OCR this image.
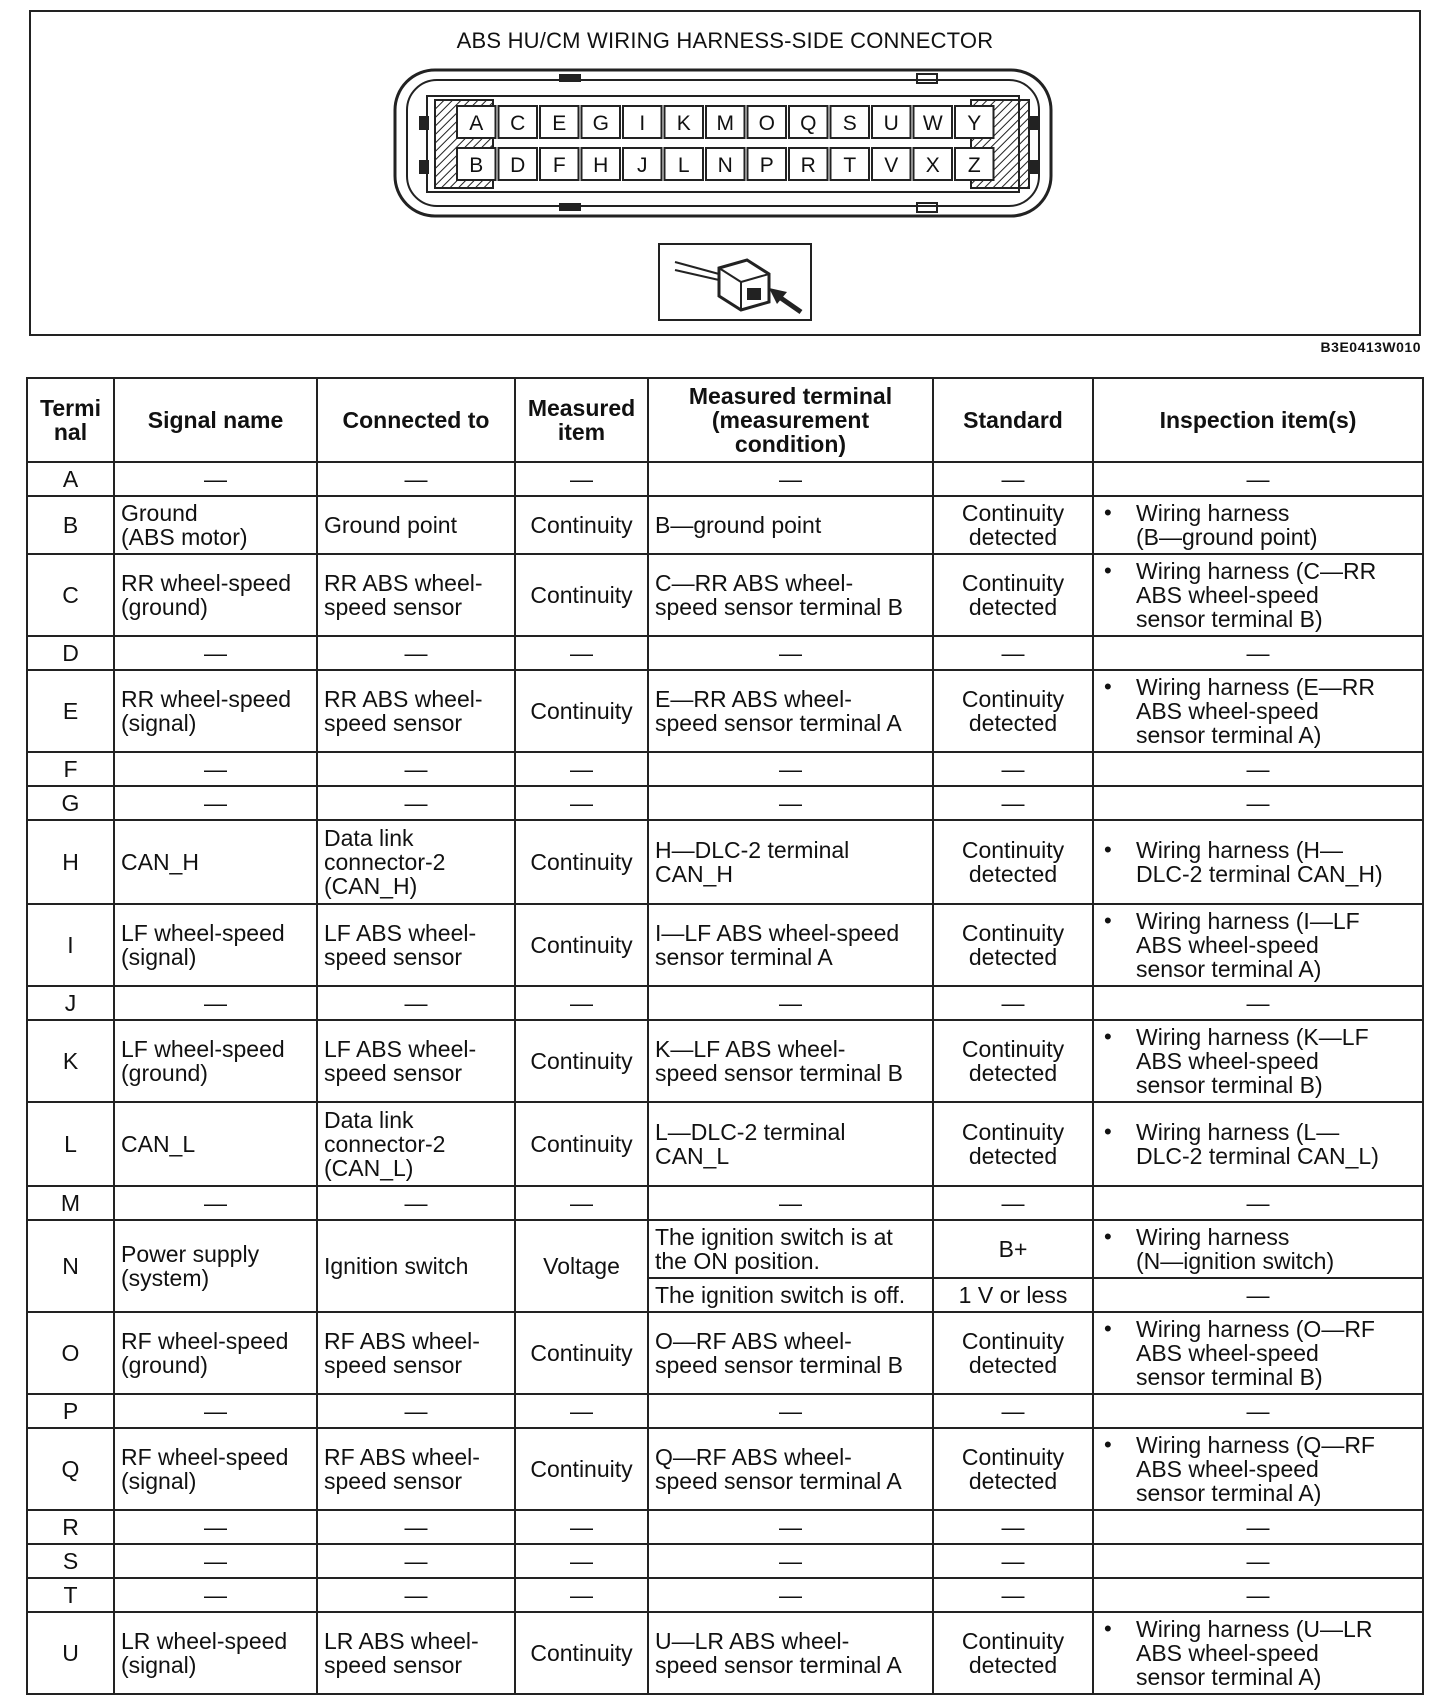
ABS HU/CM WIRING HARNESS-SIDE CONNECTOR
A C E G I K M O Q S U W Y
B D F H J L N P R T V X Z
B3E0413W010
Termi
nal	Signal name	Connected to	Measured
item	Measured terminal
(measurement
condition)	Standard	Inspection item(s)
A	—	—	—	—	—	—
B	Ground
(ABS motor)	Ground point	Continuity	B—ground point	Continuity
detected	• Wiring harness
(B—ground point)

C	RR wheel-speed
(ground)	RR ABS wheel-
speed sensor	Continuity	C—RR ABS wheel-
speed sensor terminal B	Continuity
detected	• Wiring harness (C—RR
ABS wheel-speed
sensor terminal B)

D	—	—	—	—	—	—
E	RR wheel-speed
(signal)	RR ABS wheel-
speed sensor	Continuity	E—RR ABS wheel-
speed sensor terminal A	Continuity
detected	• Wiring harness (E—RR
ABS wheel-speed
sensor terminal A)

F	—	—	—	—	—	—
G	—	—	—	—	—	—
H	CAN_H	Data link
connector-2
(CAN_H)	Continuity	H—DLC-2 terminal
CAN_H	Continuity
detected	• Wiring harness (H—
DLC-2 terminal CAN_H)

I	LF wheel-speed
(signal)	LF ABS wheel-
speed sensor	Continuity	I—LF ABS wheel-speed
sensor terminal A	Continuity
detected	• Wiring harness (I—LF
ABS wheel-speed
sensor terminal A)

J	—	—	—	—	—	—
K	LF wheel-speed
(ground)	LF ABS wheel-
speed sensor	Continuity	K—LF ABS wheel-
speed sensor terminal B	Continuity
detected	• Wiring harness (K—LF
ABS wheel-speed
sensor terminal B)

L	CAN_L	Data link
connector-2
(CAN_L)	Continuity	L—DLC-2 terminal
CAN_L	Continuity
detected	• Wiring harness (L—
DLC-2 terminal CAN_L)

M	—	—	—	—	—	—
N	Power supply
(system)	Ignition switch	Voltage	The ignition switch is at
the ON position.	B+	• Wiring harness
(N—ignition switch)

				The ignition switch is off.	1 V or less	—
O	RF wheel-speed
(ground)	RF ABS wheel-
speed sensor	Continuity	O—RF ABS wheel-
speed sensor terminal B	Continuity
detected	• Wiring harness (O—RF
ABS wheel-speed
sensor terminal B)

P	—	—	—	—	—	—
Q	RF wheel-speed
(signal)	RF ABS wheel-
speed sensor	Continuity	Q—RF ABS wheel-
speed sensor terminal A	Continuity
detected	• Wiring harness (Q—RF
ABS wheel-speed
sensor terminal A)

R	—	—	—	—	—	—
S	—	—	—	—	—	—
T	—	—	—	—	—	—
U	LR wheel-speed
(signal)	LR ABS wheel-
speed sensor	Continuity	U—LR ABS wheel-
speed sensor terminal A	Continuity
detected	• Wiring harness (U—LR
ABS wheel-speed
sensor terminal A)
